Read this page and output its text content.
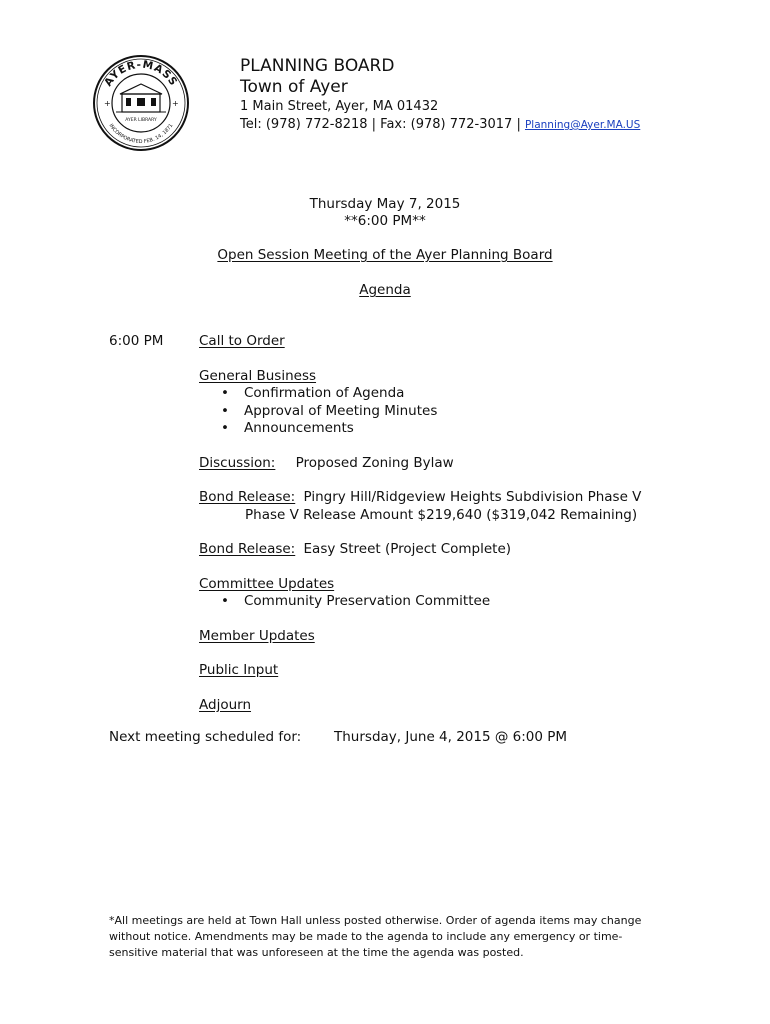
AYER-MASS
INCORPORATED FEB. 14, 1871
AYER LIBRARY
+	+
PLANNING BOARD
Town of Ayer
1 Main Street, Ayer, MA 01432
Tel: (978) 772-8218 | Fax: (978) 772-3017 | Planning@Ayer.MA.US
Thursday May 7, 2015
**6:00 PM**
Open Session Meeting of the Ayer Planning Board
Agenda
6:00 PM	Call to Order
General Business
• Confirmation of Agenda
• Approval of Meeting Minutes
• Announcements
Discussion: Proposed Zoning Bylaw
Bond Release: Pingry Hill/Ridgeview Heights Subdivision Phase V
Phase V Release Amount $219,640 ($319,042 Remaining)
Bond Release: Easy Street (Project Complete)
Committee Updates
• Community Preservation Committee
Member Updates
Public Input
Adjourn
Next meeting scheduled for: Thursday, June 4, 2015 @ 6:00 PM
*All meetings are held at Town Hall unless posted otherwise. Order of agenda items may change
without notice. Amendments may be made to the agenda to include any emergency or time-
sensitive material that was unforeseen at the time the agenda was posted.
